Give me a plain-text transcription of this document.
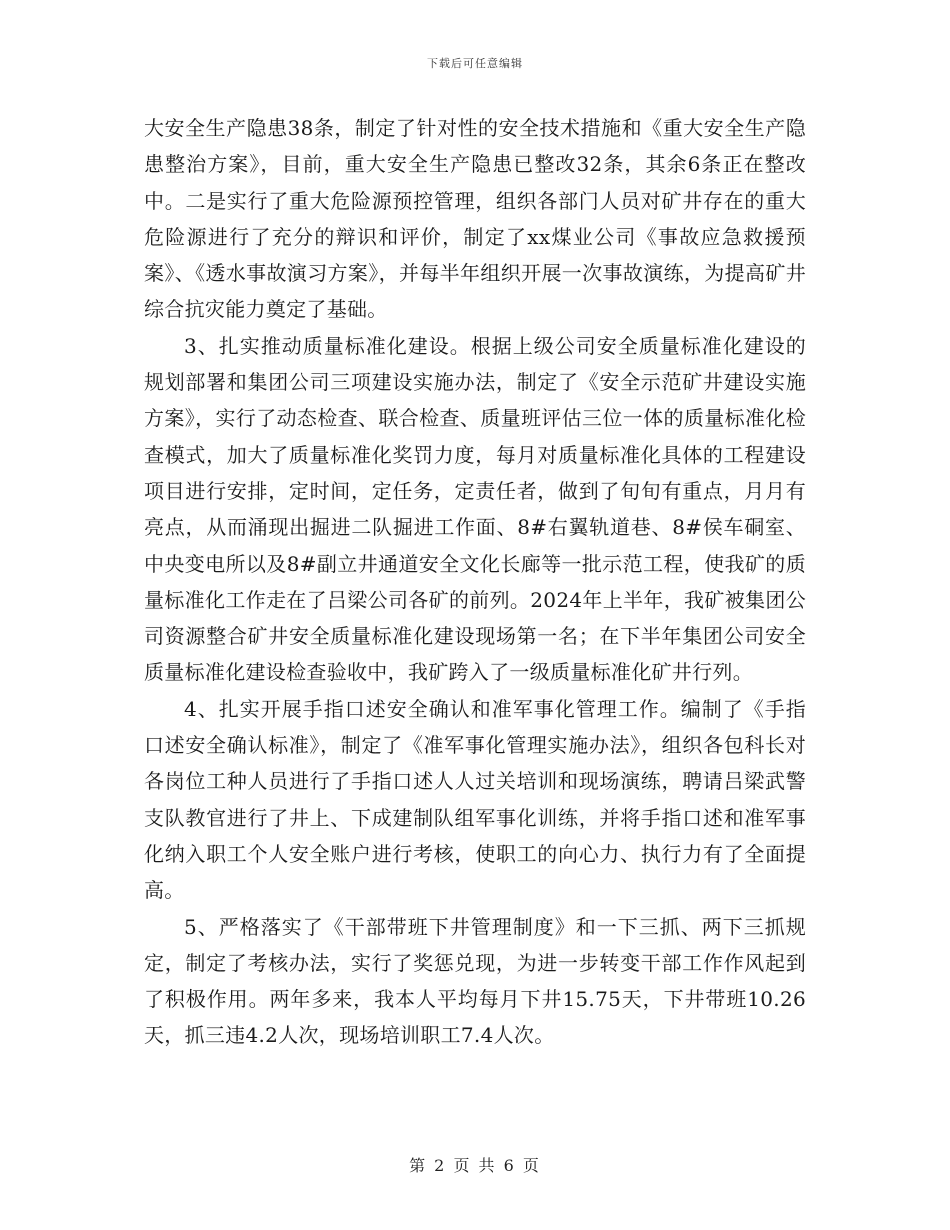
下载后可任意编辑

大安全生产隐患38条，制定了针对性的安全技术措施和《重大安全生产隐患整治方案》，目前，重大安全生产隐患已整改32条，其余6条正在整改中。二是实行了重大危险源预控管理，组织各部门人员对矿井存在的重大危险源进行了充分的辩识和评价，制定了xx煤业公司《事故应急救援预案》、《透水事故演习方案》，并每半年组织开展一次事故演练，为提高矿井综合抗灾能力奠定了基础。

3、扎实推动质量标准化建设。根据上级公司安全质量标准化建设的规划部署和集团公司三项建设实施办法，制定了《安全示范矿井建设实施方案》，实行了动态检查、联合检查、质量班评估三位一体的质量标准化检查模式，加大了质量标准化奖罚力度，每月对质量标准化具体的工程建设项目进行安排，定时间，定任务，定责任者，做到了旬旬有重点，月月有亮点，从而涌现出掘进二队掘进工作面、8#右翼轨道巷、8#侯车硐室、中央变电所以及8#副立井通道安全文化长廊等一批示范工程，使我矿的质量标准化工作走在了吕梁公司各矿的前列。2024年上半年，我矿被集团公司资源整合矿井安全质量标准化建设现场第一名；在下半年集团公司安全质量标准化建设检查验收中，我矿跨入了一级质量标准化矿井行列。

4、扎实开展手指口述安全确认和准军事化管理工作。编制了《手指口述安全确认标准》，制定了《准军事化管理实施办法》，组织各包科长对各岗位工种人员进行了手指口述人人过关培训和现场演练，聘请吕梁武警支队教官进行了井上、下成建制队组军事化训练，并将手指口述和准军事化纳入职工个人安全账户进行考核，使职工的向心力、执行力有了全面提高。

5、严格落实了《干部带班下井管理制度》和一下三抓、两下三抓规定，制定了考核办法，实行了奖惩兑现，为进一步转变干部工作作风起到了积极作用。两年多来，我本人平均每月下井15.75天，下井带班10.26天，抓三违4.2人次，现场培训职工7.4人次。

第 2 页 共 6 页
